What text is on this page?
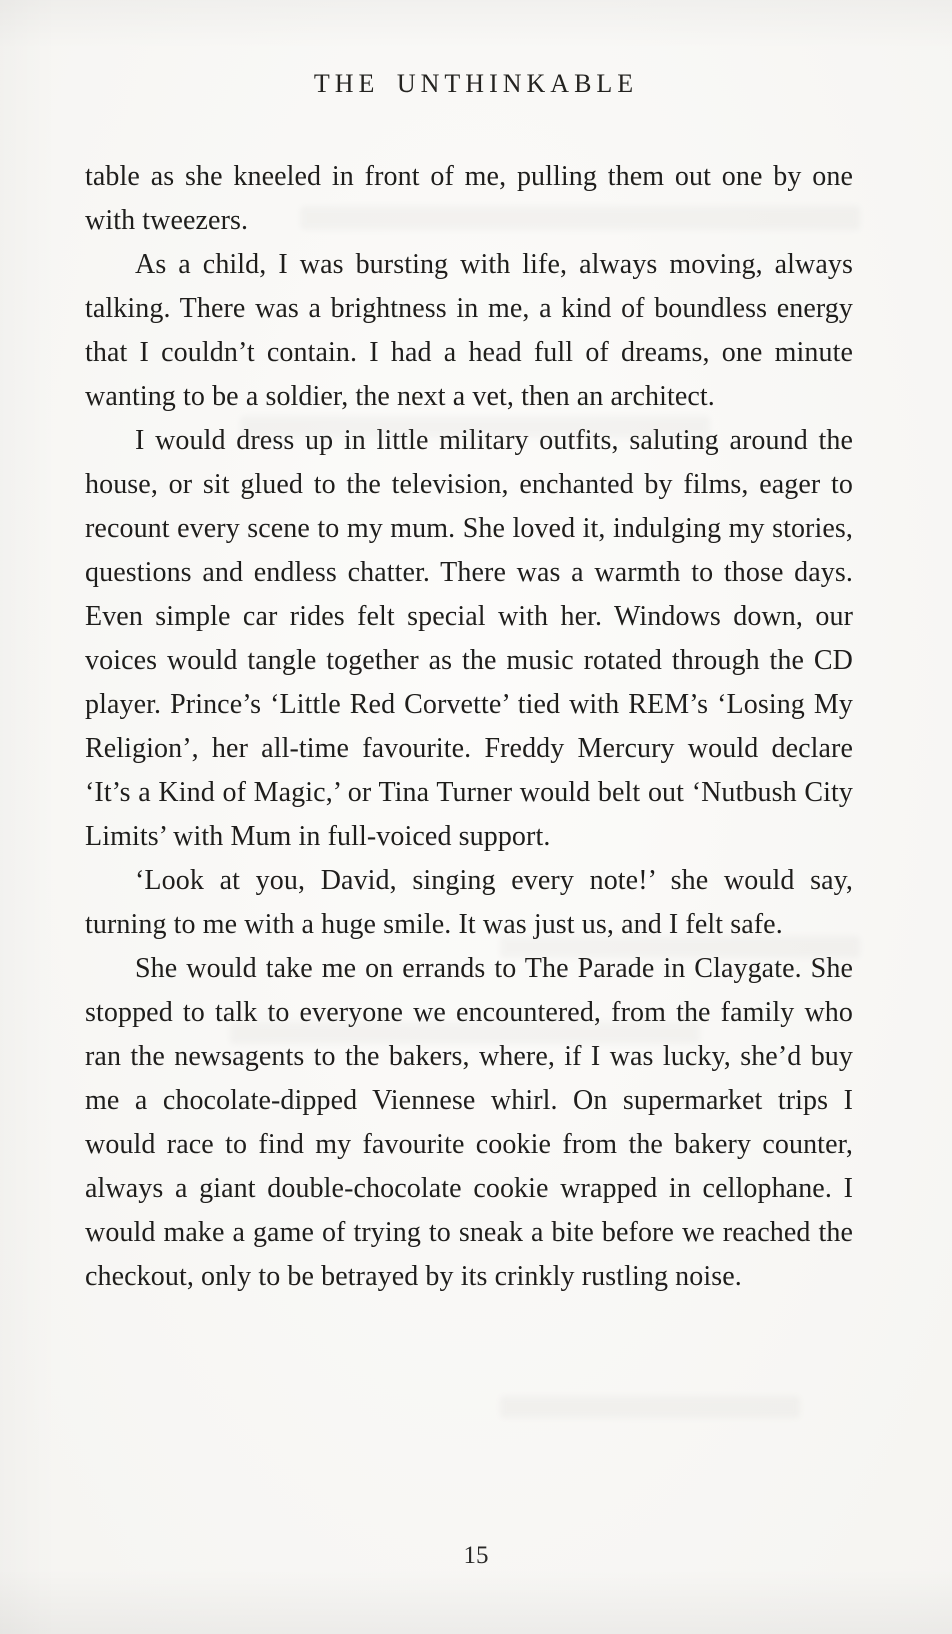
THE UNTHINKABLE

table as she kneeled in front of me, pulling them out one by one with tweezers.

As a child, I was bursting with life, always moving, always talking. There was a brightness in me, a kind of boundless energy that I couldn’t contain. I had a head full of dreams, one minute wanting to be a soldier, the next a vet, then an architect.

I would dress up in little military outfits, saluting around the house, or sit glued to the television, enchanted by films, eager to recount every scene to my mum. She loved it, indulging my stories, questions and endless chatter. There was a warmth to those days. Even simple car rides felt special with her. Windows down, our voices would tangle together as the music rotated through the CD player. Prince’s ‘Little Red Corvette’ tied with REM’s ‘Losing My Religion’, her all-time favourite. Freddy Mercury would declare ‘It’s a Kind of Magic,’ or Tina Turner would belt out ‘Nutbush City Limits’ with Mum in full-voiced support.

‘Look at you, David, singing every note!’ she would say, turning to me with a huge smile. It was just us, and I felt safe.

She would take me on errands to The Parade in Claygate. She stopped to talk to everyone we encountered, from the family who ran the newsagents to the bakers, where, if I was lucky, she’d buy me a chocolate-dipped Viennese whirl. On supermarket trips I would race to find my favourite cookie from the bakery counter, always a giant double-chocolate cookie wrapped in cellophane. I would make a game of trying to sneak a bite before we reached the checkout, only to be betrayed by its crinkly rustling noise.

15
